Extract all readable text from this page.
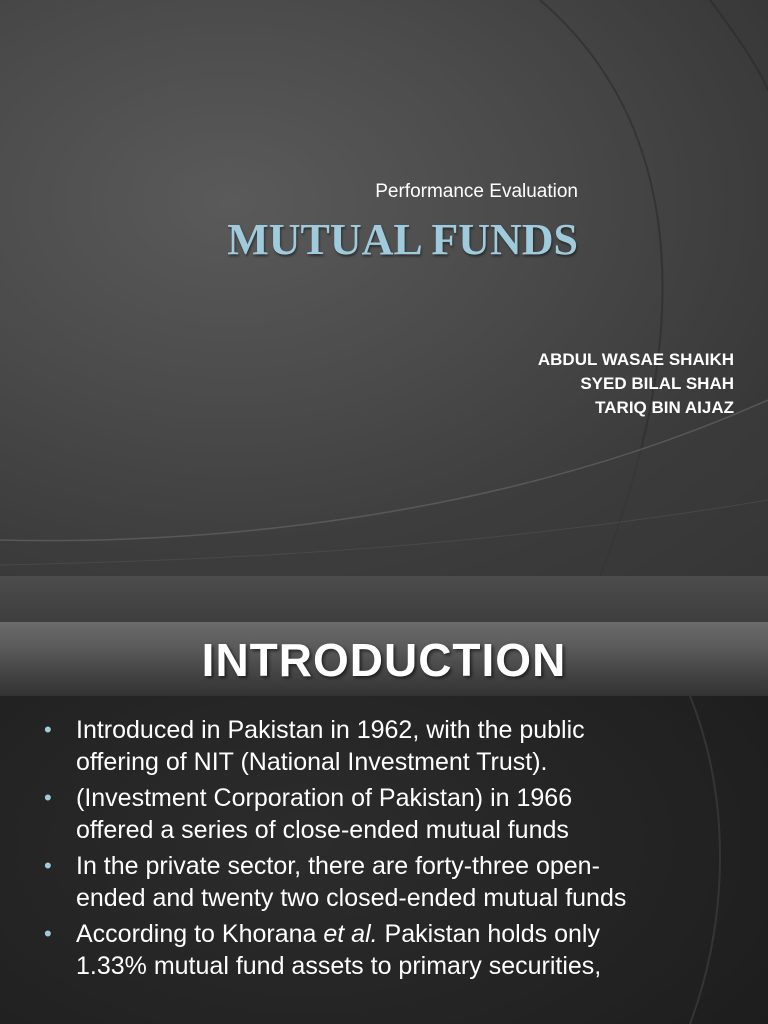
Performance Evaluation
MUTUAL FUNDS
ABDUL WASAE SHAIKH
SYED BILAL SHAH
TARIQ BIN AIJAZ
INTRODUCTION
• Introduced in Pakistan in 1962, with the public offering of NIT (National Investment Trust).
• (Investment Corporation of Pakistan) in 1966 offered a series of close-ended mutual funds
• In the private sector, there are forty-three open-ended and twenty two closed-ended mutual funds
• According to Khorana et al. Pakistan holds only 1.33% mutual fund assets to primary securities,
